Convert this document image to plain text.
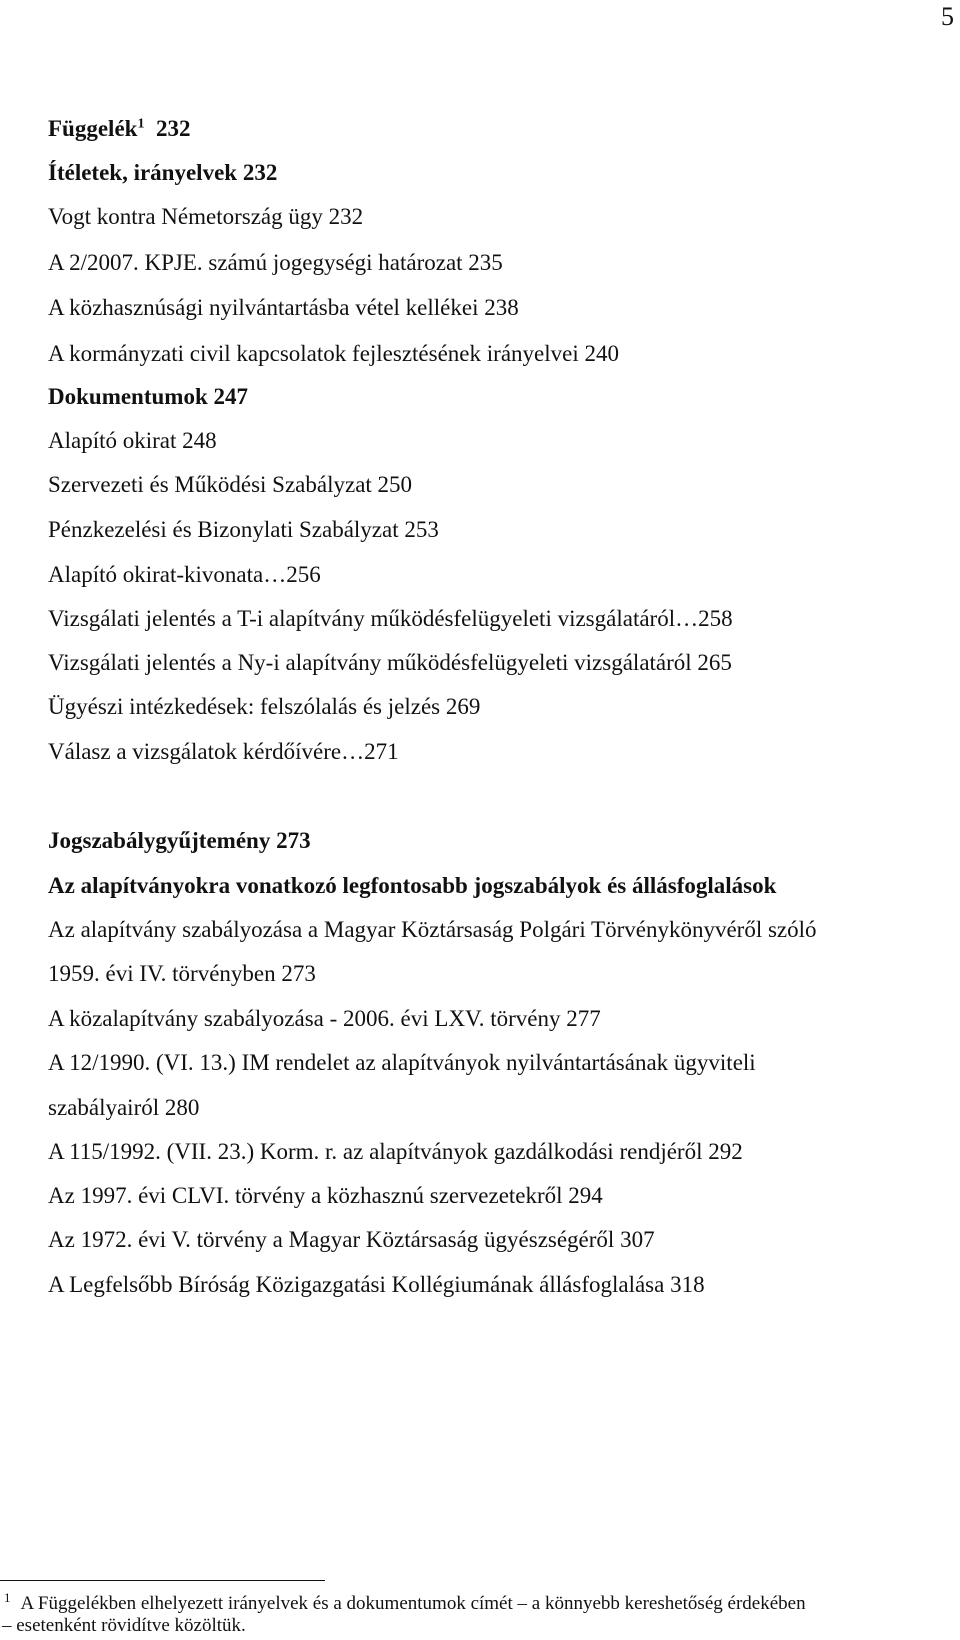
5
Függelék$^1$ 232
Ítéletek, irányelvek 232
Vogt kontra Németország ügy 232
A 2/2007. KPJE. számú jogegységi határozat 235
A közhasznúsági nyilvántartásba vétel kellékei 238
A kormányzati civil kapcsolatok fejlesztésének irányelvei 240
Dokumentumok 247
Alapító okirat 248
Szervezeti és Működési Szabályzat 250
Pénzkezelési és Bizonylati Szabályzat 253
Alapító okirat-kivonata…256
Vizsgálati jelentés a T-i alapítvány működésfelügyeleti vizsgálatáról…258
Vizsgálati jelentés a Ny-i alapítvány működésfelügyeleti vizsgálatáról 265
Ügyészi intézkedések: felszólalás és jelzés 269
Válasz a vizsgálatok kérdőívére…271
Jogszabálygyűjtemény 273
Az alapítványokra vonatkozó legfontosabb jogszabályok és állásfoglalások
Az alapítvány szabályozása a Magyar Köztársaság Polgári Törvénykönyvéről szóló
1959. évi IV. törvényben 273
A közalapítvány szabályozása - 2006. évi LXV. törvény 277
A 12/1990. (VI. 13.) IM rendelet az alapítványok nyilvántartásának ügyviteli
szabályairól 280
A 115/1992. (VII. 23.) Korm. r. az alapítványok gazdálkodási rendjéről 292
Az 1997. évi CLVI. törvény a közhasznú szervezetekről 294
Az 1972. évi V. törvény a Magyar Köztársaság ügyészségéről 307
A Legfelsőbb Bíróság Közigazgatási Kollégiumának állásfoglalása 318
$^1$ A Függelékben elhelyezett irányelvek és a dokumentumok címét – a könnyebb kereshetőség érdekében
– esetenként rövidítve közöltük.
